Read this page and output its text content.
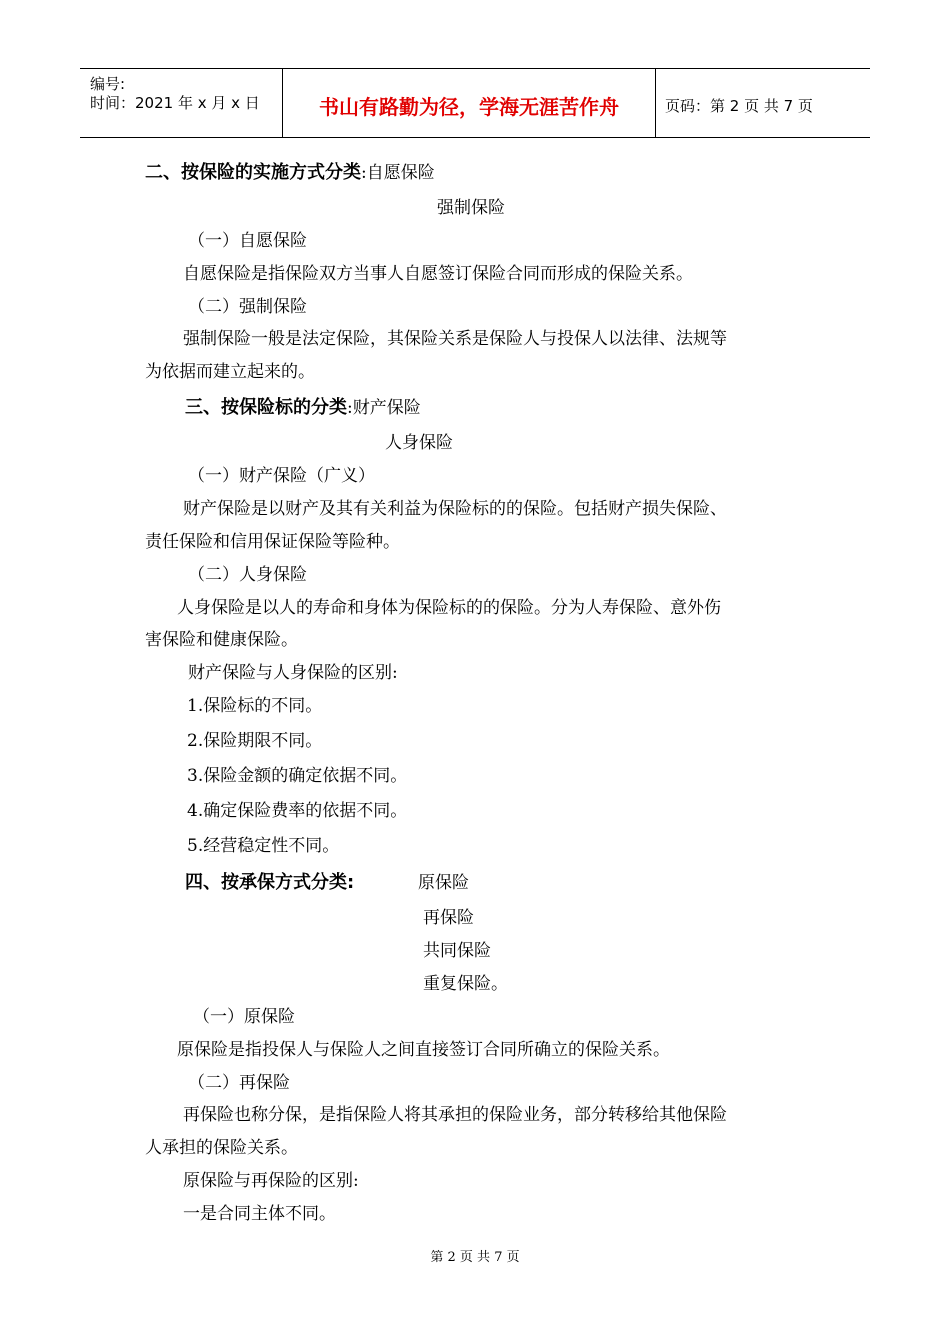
编号:
时间：2021 年 x 月 x 日	书山有路勤为径，学海无涯苦作舟	页码：第 2 页 共 7 页
二、按保险的实施方式分类:自愿保险
强制保险
（一）自愿保险
自愿保险是指保险双方当事人自愿签订保险合同而形成的保险关系。
（二）强制保险
强制保险一般是法定保险，其保险关系是保险人与投保人以法律、法规等
为依据而建立起来的。
三、按保险标的分类:财产保险
人身保险
（一）财产保险（广义）
财产保险是以财产及其有关利益为保险标的的保险。包括财产损失保险、
责任保险和信用保证保险等险种。
（二）人身保险
人身保险是以人的寿命和身体为保险标的的保险。分为人寿保险、意外伤
害保险和健康保险。
财产保险与人身保险的区别:
1.保险标的不同。
2.保险期限不同。
3.保险金额的确定依据不同。
4.确定保险费率的依据不同。
5.经营稳定性不同。
四、按承保方式分类:	原保险
再保险
共同保险
重复保险。
（一）原保险
原保险是指投保人与保险人之间直接签订合同所确立的保险关系。
（二）再保险
再保险也称分保，是指保险人将其承担的保险业务，部分转移给其他保险
人承担的保险关系。
原保险与再保险的区别:
一是合同主体不同。
第 2 页 共 7 页
